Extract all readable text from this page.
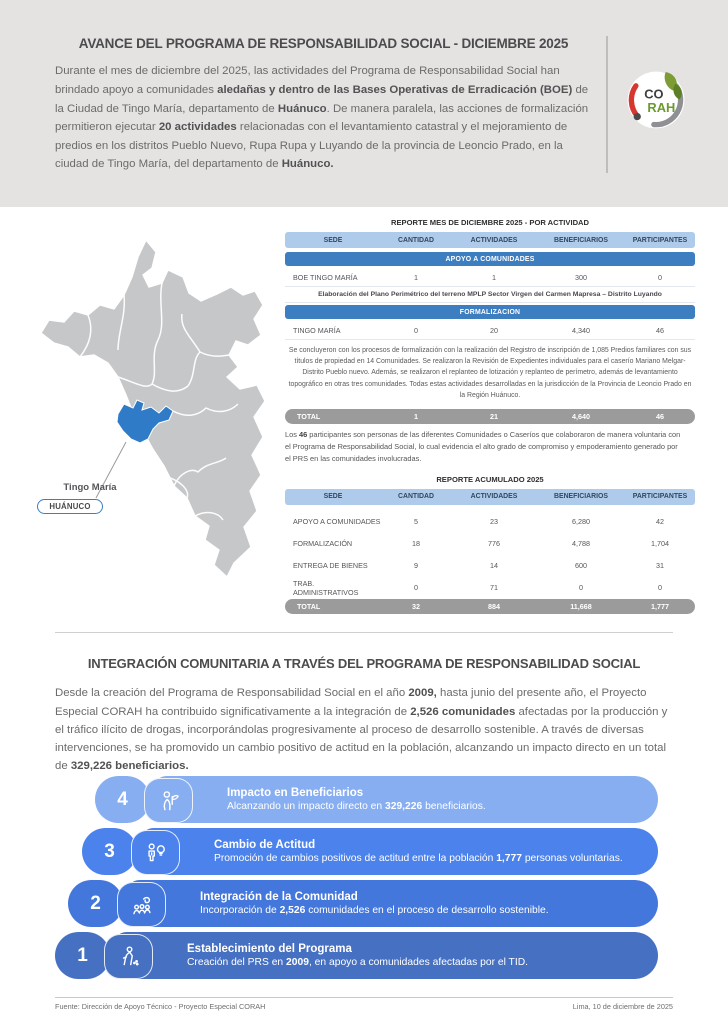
AVANCE DEL PROGRAMA DE RESPONSABILIDAD SOCIAL - DICIEMBRE 2025

Durante el mes de diciembre del 2025, las actividades del Programa de Responsabilidad Social han brindado apoyo a comunidades aledañas y dentro de las Bases Operativas de Erradicación (BOE) de la Ciudad de Tingo María, departamento de Huánuco. De manera paralela, las acciones de formalización permitieron ejecutar 20 actividades relacionadas con el levantamiento catastral y el mejoramiento de predios en los distritos Pueblo Nuevo, Rupa Rupa y Luyando de la provincia de Leoncio Prado, en la ciudad de Tingo María, del departamento de Huánuco.

CO
RAH
Tingo María
HUÁNUCO
REPORTE MES DE DICIEMBRE 2025 - POR ACTIVIDAD
SEDE	CANTIDAD	ACTIVIDADES	BENEFICIARIOS	PARTICIPANTES
APOYO A COMUNIDADES
BOE TINGO MARÍA	1	1	300	0
Elaboración del Plano Perimétrico del terreno MPLP Sector Virgen del Carmen Mapresa – Distrito Luyando
FORMALIZACION
TINGO MARÍA	0	20	4,340	46
Se concluyeron con los procesos de formalización con la realización del Registro de inscripción de 1,085 Predios familiares con sus títulos de propiedad en 14 Comunidades. Se realizaron la Revisión de Expedientes individuales para el caserío Mariano Melgar-Distrito Pueblo nuevo. Además, se realizaron el replanteo de lotización y replanteo de perímetro, además de levantamiento topográfico en otras tres comunidades. Todas estas actividades desarrolladas en la jurisdicción de la Provincia de Leoncio Prado en la Región Huánuco.
TOTAL	1	21	4,640	46
Los 46 participantes son personas de las diferentes Comunidades o Caseríos que colaboraron de manera voluntaria con el Programa de Responsabilidad Social, lo cual evidencia el alto grado de compromiso y empoderamiento generado por el PRS en las comunidades involucradas.
REPORTE ACUMULADO 2025
SEDE	CANTIDAD	ACTIVIDADES	BENEFICIARIOS	PARTICIPANTES
APOYO A COMUNIDADES	5	23	6,280	42
FORMALIZACIÓN	18	776	4,788	1,704
ENTREGA DE BIENES	9	14	600	31
TRAB. ADMINISTRATIVOS	0	71	0	0
TOTAL	32	884	11,668	1,777
INTEGRACIÓN COMUNITARIA A TRAVÉS DEL PROGRAMA DE RESPONSABILIDAD SOCIAL

Desde la creación del Programa de Responsabilidad Social en el año 2009, hasta junio del presente año, el Proyecto Especial CORAH ha contribuido significativamente a la integración de 2,526 comunidades afectadas por la producción y el tráfico ilícito de drogas, incorporándolas progresivamente al proceso de desarrollo sostenible. A través de diversas intervenciones, se ha promovido un cambio positivo de actitud en la población, alcanzando un impacto directo en un total de 329,226 beneficiarios.

4	Impacto en Beneficiarios
Alcanzando un impacto directo en 329,226 beneficiarios.
3	Cambio de Actitud
Promoción de cambios positivos de actitud entre la población 1,777 personas voluntarias.
2	Integración de la Comunidad
Incorporación de 2,526 comunidades en el proceso de desarrollo sostenible.
1	Establecimiento del Programa
Creación del PRS en 2009, en apoyo a comunidades afectadas por el TID.
Fuente: Dirección de Apoyo Técnico - Proyecto Especial CORAH	Lima, 10 de diciembre de 2025
